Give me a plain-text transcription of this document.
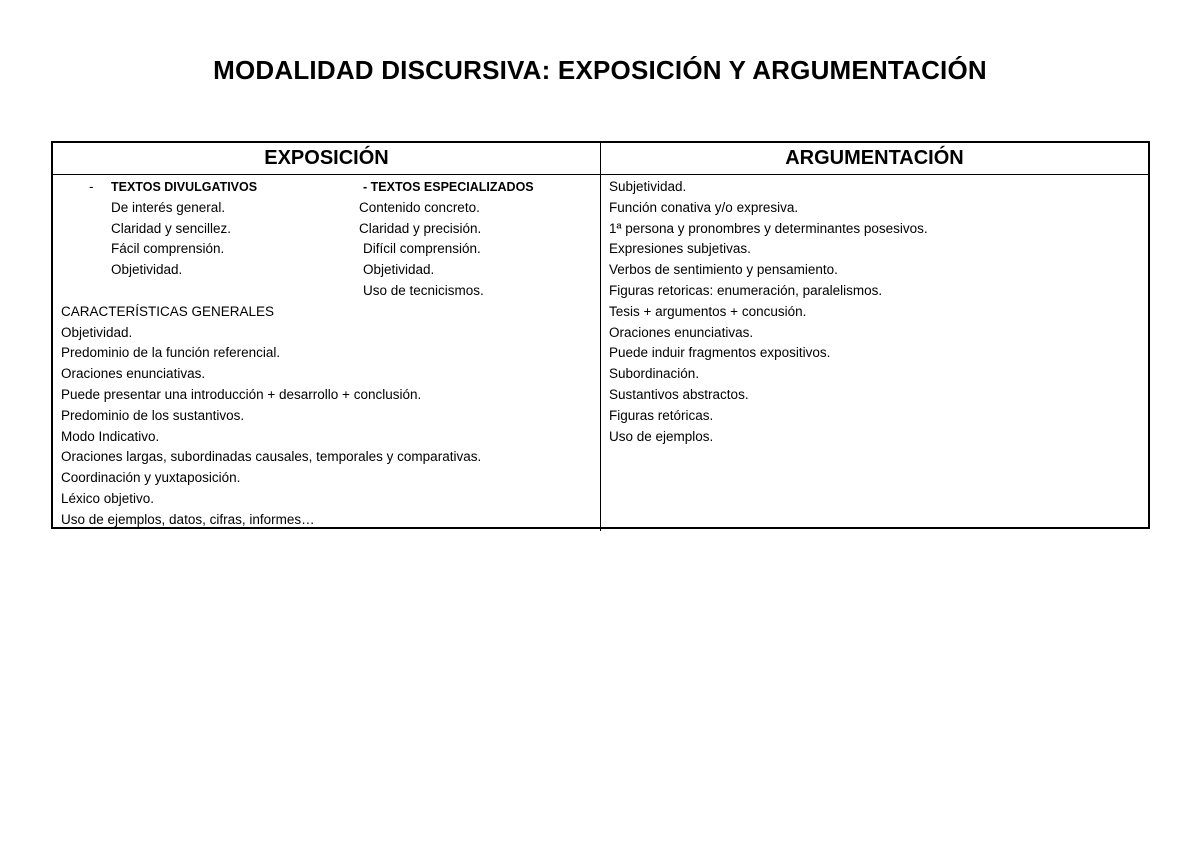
MODALIDAD DISCURSIVA: EXPOSICIÓN Y ARGUMENTACIÓN
EXPOSICIÓN	ARGUMENTACIÓN
-	TEXTOS DIVULGATIVOS
De interés general.
Claridad y sencillez.
Fácil comprensión.
Objetividad.
- TEXTOS ESPECIALIZADOS
Contenido concreto.
Claridad y precisión.
Difícil comprensión.
Objetividad.
Uso de tecnicismos.
CARACTERÍSTICAS GENERALES
Objetividad.
Predominio de la función referencial.
Oraciones enunciativas.
Puede presentar una introducción + desarrollo + conclusión.
Predominio de los sustantivos.
Modo Indicativo.
Oraciones largas, subordinadas causales, temporales y comparativas.
Coordinación y yuxtaposición.
Léxico objetivo.
Uso de ejemplos, datos, cifras, informes…
Subjetividad.
Función conativa y/o expresiva.
1ª persona y pronombres y determinantes posesivos.
Expresiones subjetivas.
Verbos de sentimiento y pensamiento.
Figuras retoricas: enumeración, paralelismos.
Tesis + argumentos + concusión.
Oraciones enunciativas.
Puede induir fragmentos expositivos.
Subordinación.
Sustantivos abstractos.
Figuras retóricas.
Uso de ejemplos.
